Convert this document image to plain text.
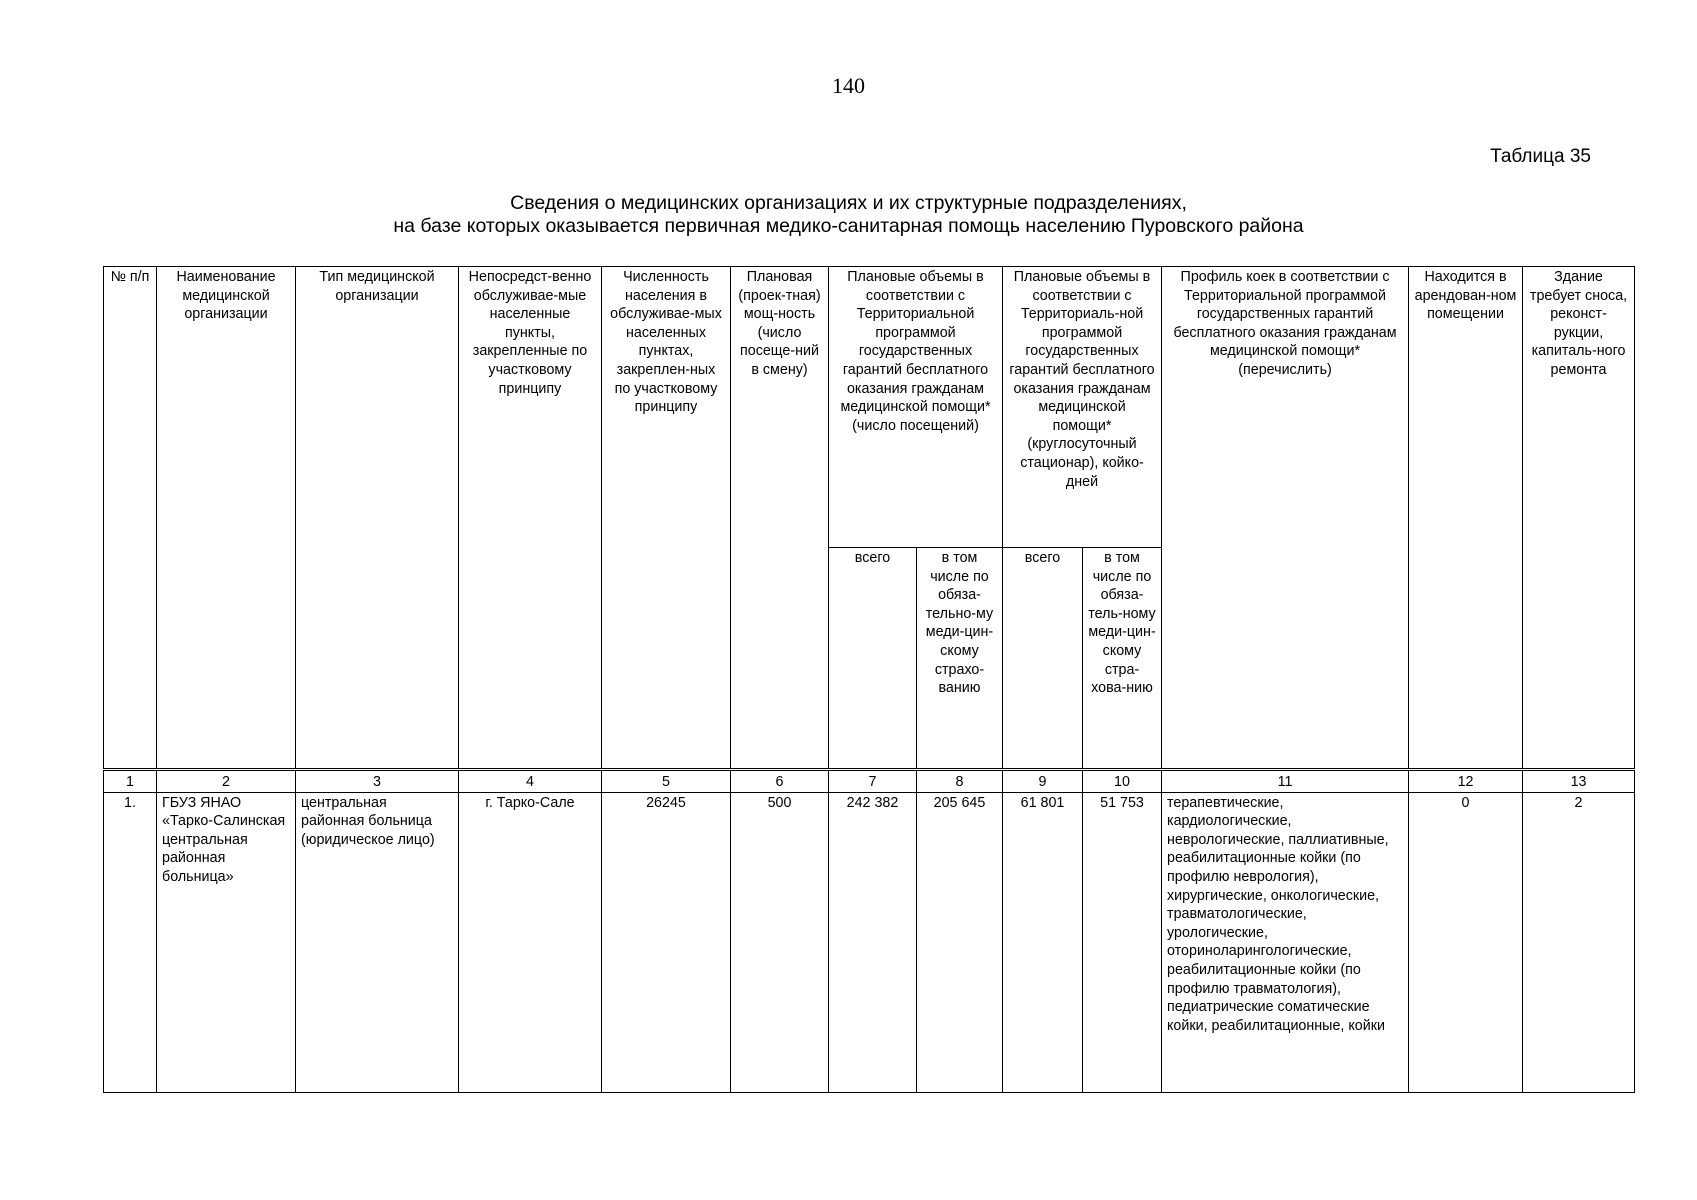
140
Таблица 35
Сведения о медицинских организациях и их структурные подразделениях,
на базе которых оказывается первичная медико-санитарная помощь населению Пуровского района
№ п/п	Наименование медицинской организации	Тип медицинской организации	Непосредст-венно обслуживае-мые населенные пункты, закрепленные по участковому принципу	Численность населения в обслуживае-мых населенных пунктах, закреплен-ных по участковому принципу	Плановая (проек-тная) мощ-ность (число посеще-ний в смену)	Плановые объемы в соответствии с Территориальной программой государственных гарантий бесплатного оказания гражданам медицинской помощи* (число посещений)		Плановые объемы в соответствии с Территориаль-ной программой государственных гарантий бесплатного оказания гражданам медицинской помощи* (круглосуточный стационар), койко-дней		Профиль коек в соответствии с Территориальной программой государственных гарантий бесплатного оказания гражданам медицинской помощи* (перечислить)	Находится в арендован-ном помещении	Здание требует сноса, реконст-рукции, капиталь-ного ремонта
						всего	в том числе по обяза-тельно-му меди-цин-скому страхо-ванию	всего	в том числе по обяза-тель-ному меди-цин-скому стра-хова-нию			
1	2	3	4	5	6	7	8	9	10	11	12	13
1.	ГБУЗ ЯНАО «Тарко-Салинская центральная районная больница»	центральная районная больница (юридическое лицо)	г. Тарко-Сале	26245	500	242 382	205 645	61 801	51 753	терапевтические, кардиологические, неврологические, паллиативные, реабилитационные койки (по профилю неврология), хирургические, онкологические, травматологические, урологические, оториноларингологические, реабилитационные койки (по профилю травматология), педиатрические соматические койки, реабилитационные, койки	0	2
